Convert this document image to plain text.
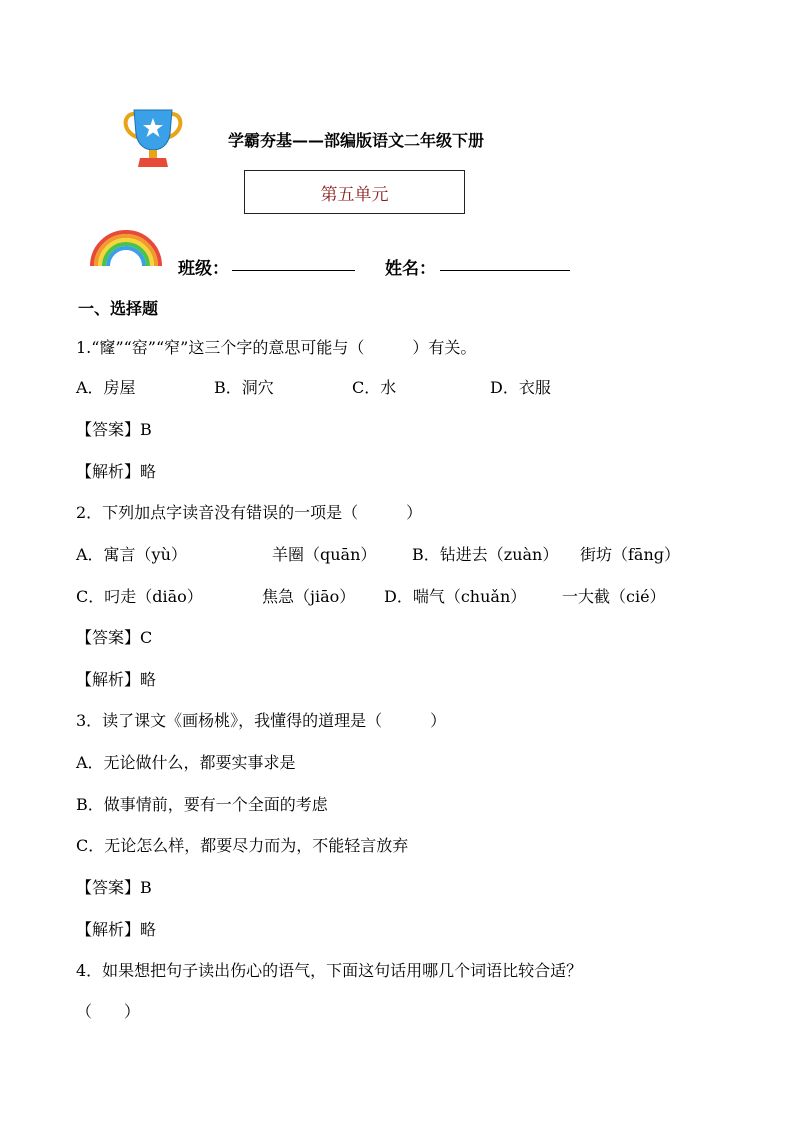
学霸夯基——部编版语文二年级下册
第五单元
班级：	姓名：
一、选择题
1.“窿”“窑”“窄”这三个字的意思可能与（　　　）有关。
A．房屋	B．洞穴	C．水	D．衣服
【答案】B
【解析】略
2．下列加点字读音没有错误的一项是（　　　）
A．寓言（yù）	羊圈（quān） B．钻进去（zuàn） 街坊（fānɡ）
C．叼走（diāo）	焦急（jiāo） D．喘气（chuǎn） 一大截（cié）
【答案】C
【解析】略
3．读了课文《画杨桃》，我懂得的道理是（　　　）
A．无论做什么，都要实事求是
B．做事情前，要有一个全面的考虑
C．无论怎么样，都要尽力而为，不能轻言放弃
【答案】B
【解析】略
4．如果想把句子读出伤心的语气，下面这句话用哪几个词语比较合适？
（　　）
